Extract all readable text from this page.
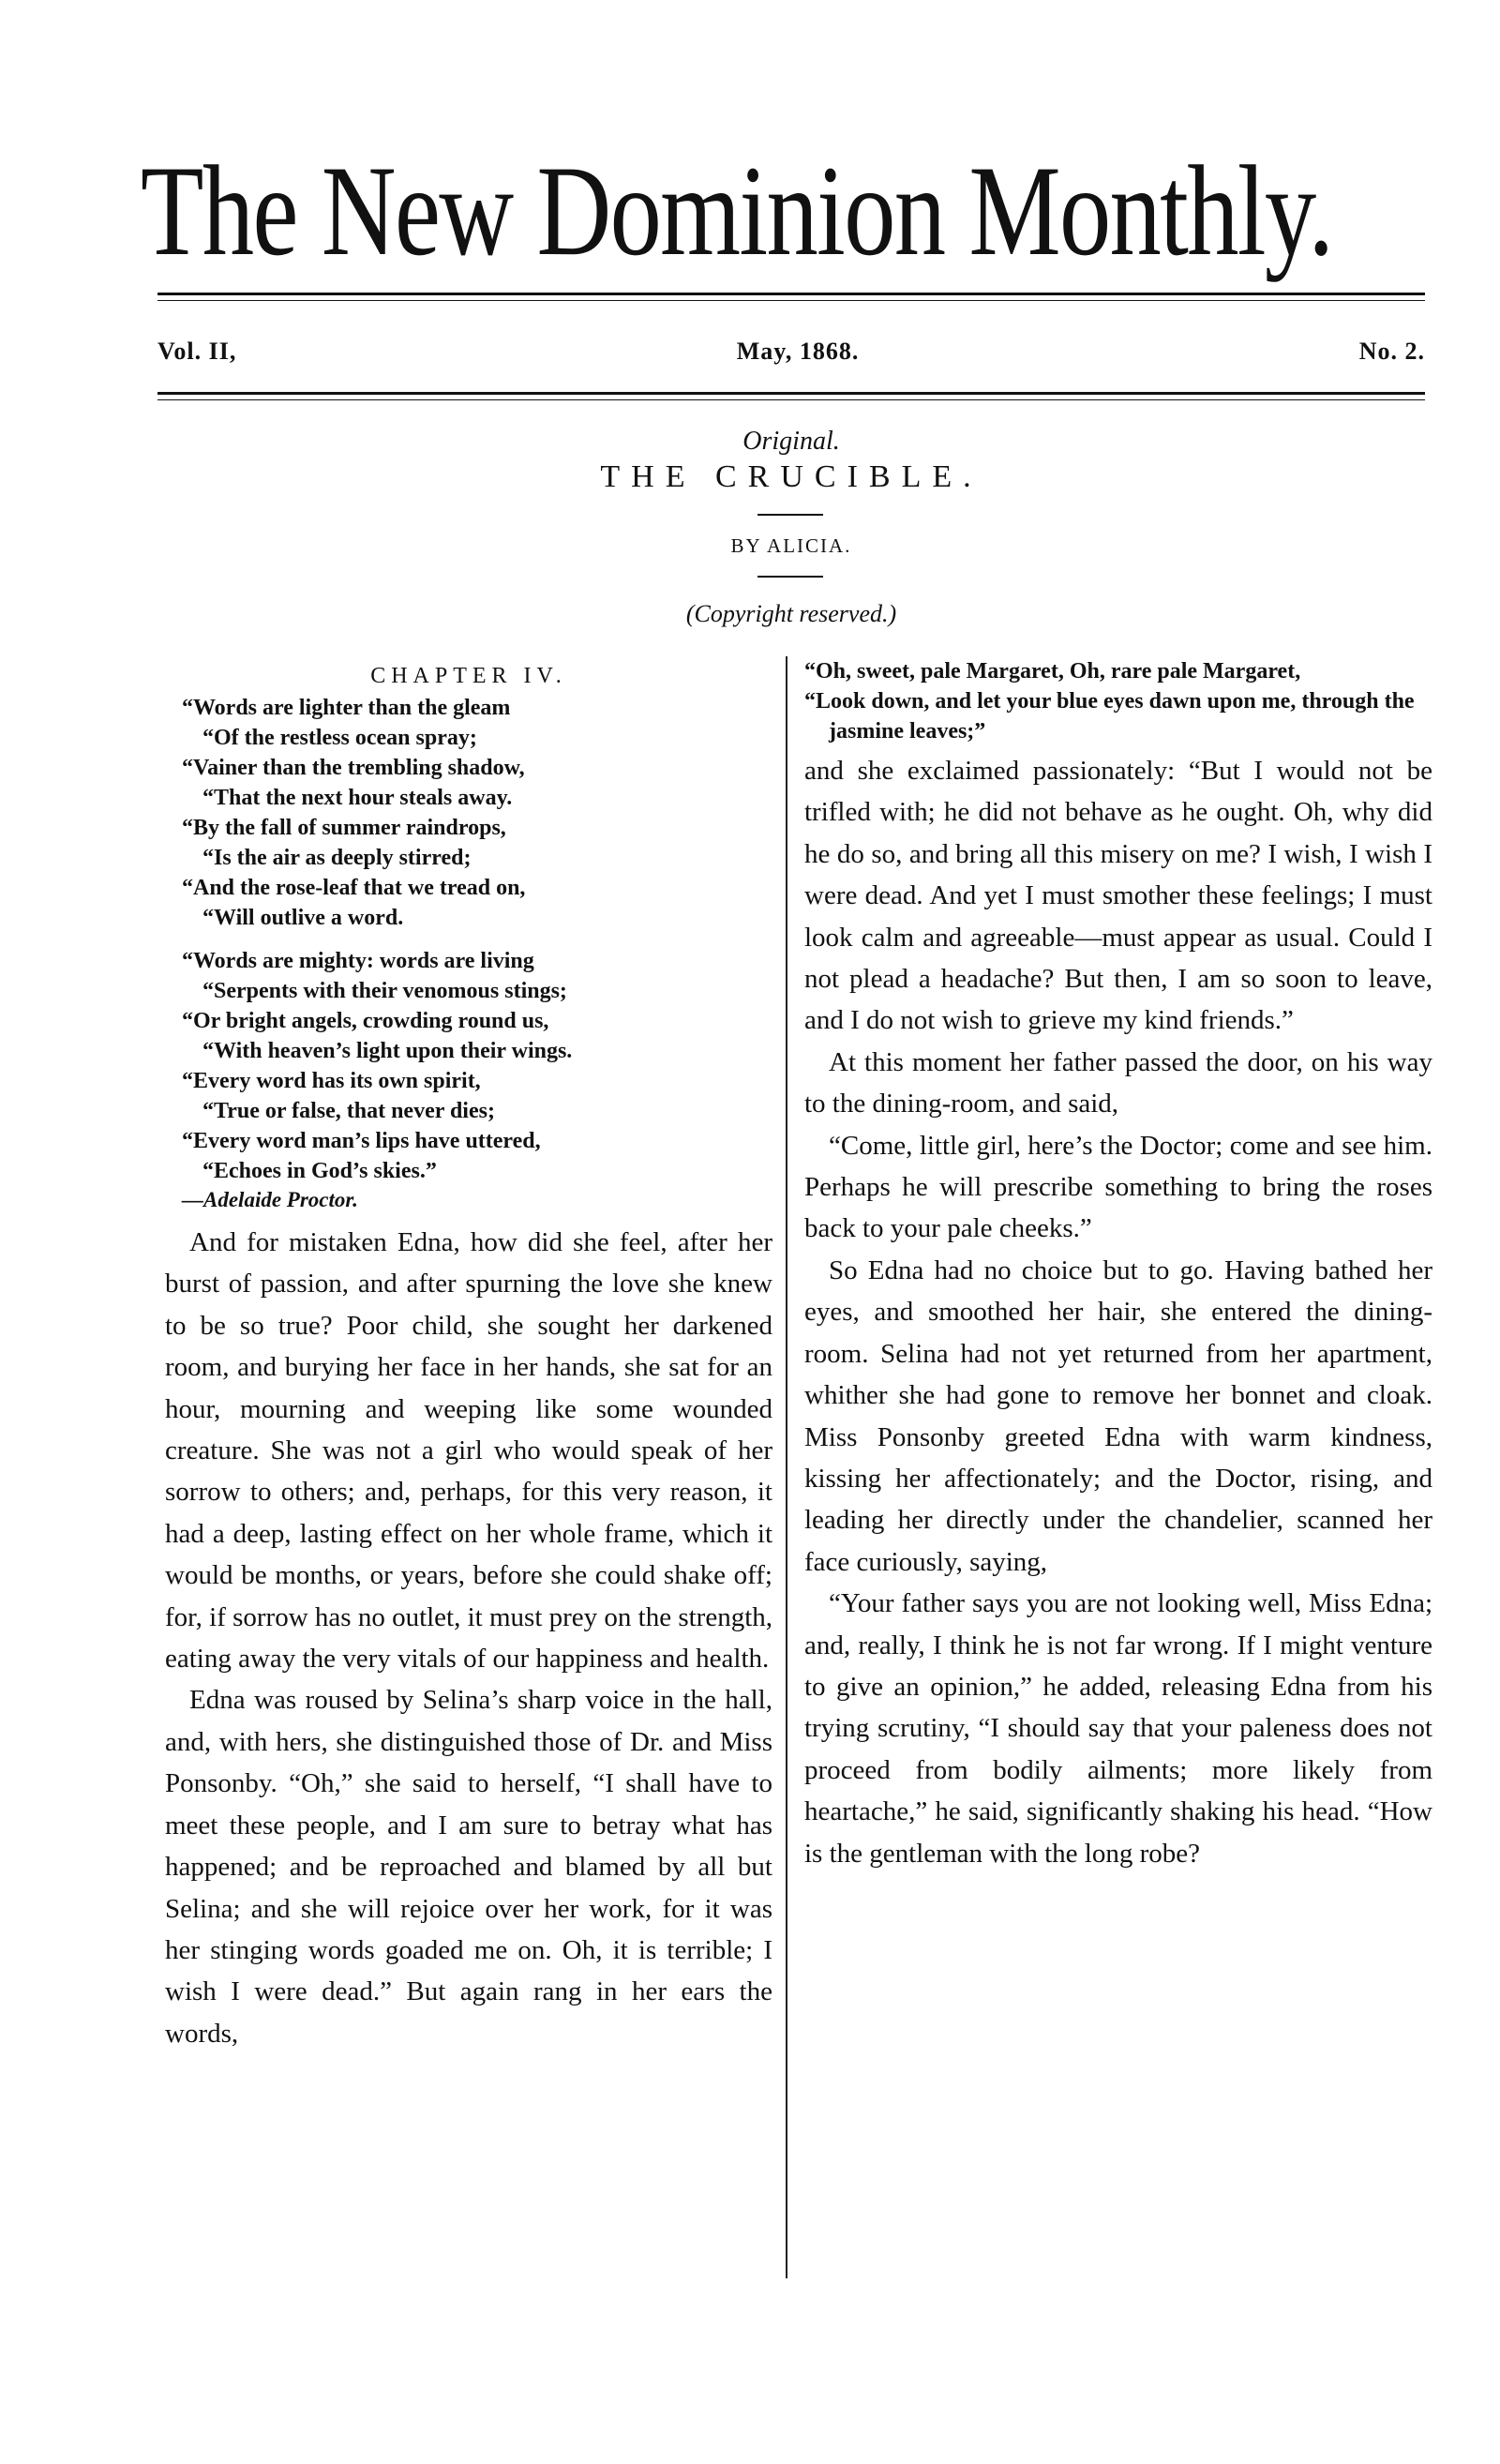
The New Dominion Monthly.
Vol. II,	May, 1868.	No. 2.
Original.
THE CRUCIBLE.
BY ALICIA.
(Copyright reserved.)
CHAPTER IV.
“Words are lighter than the gleam
“Of the restless ocean spray;
“Vainer than the trembling shadow,
“That the next hour steals away.
“By the fall of summer raindrops,
“Is the air as deeply stirred;
“And the rose-leaf that we tread on,
“Will outlive a word.
“Words are mighty: words are living
“Serpents with their venomous stings;
“Or bright angels, crowding round us,
“With heaven’s light upon their wings.
“Every word has its own spirit,
“True or false, that never dies;
“Every word man’s lips have uttered,
“Echoes in God’s skies.”
—Adelaide Proctor.

And for mistaken Edna, how did she feel, after her burst of passion, and after spurning the love she knew to be so true? Poor child, she sought her darkened room, and burying her face in her hands, she sat for an hour, mourning and weeping like some wounded creature. She was not a girl who would speak of her sorrow to others; and, perhaps, for this very reason, it had a deep, lasting effect on her whole frame, which it would be months, or years, before she could shake off; for, if sorrow has no outlet, it must prey on the strength, eating away the very vitals of our happiness and health.

Edna was roused by Selina’s sharp voice in the hall, and, with hers, she distinguished those of Dr. and Miss Ponsonby. “Oh,” she said to herself, “I shall have to meet these people, and I am sure to betray what has happened; and be reproached and blamed by all but Selina; and she will rejoice over her work, for it was her stinging words goaded me on. Oh, it is terrible; I wish I were dead.” But again rang in her ears the words,

“Oh, sweet, pale Margaret, Oh, rare pale Margaret,
“Look down, and let your blue eyes dawn upon me, through the jasmine leaves;”

and she exclaimed passionately: “But I would not be trifled with; he did not behave as he ought. Oh, why did he do so, and bring all this misery on me? I wish, I wish I were dead. And yet I must smother these feelings; I must look calm and agreeable—must appear as usual. Could I not plead a headache? But then, I am so soon to leave, and I do not wish to grieve my kind friends.”

At this moment her father passed the door, on his way to the dining-room, and said,

“Come, little girl, here’s the Doctor; come and see him. Perhaps he will prescribe something to bring the roses back to your pale cheeks.”

So Edna had no choice but to go. Having bathed her eyes, and smoothed her hair, she entered the dining-room. Selina had not yet returned from her apartment, whither she had gone to remove her bonnet and cloak. Miss Ponsonby greeted Edna with warm kindness, kissing her affectionately; and the Doctor, rising, and leading her directly under the chandelier, scanned her face curiously, saying,

“Your father says you are not looking well, Miss Edna; and, really, I think he is not far wrong. If I might venture to give an opinion,” he added, releasing Edna from his trying scrutiny, “I should say that your paleness does not proceed from bodily ailments; more likely from heartache,” he said, significantly shaking his head. “How is the gentleman with the long robe?
